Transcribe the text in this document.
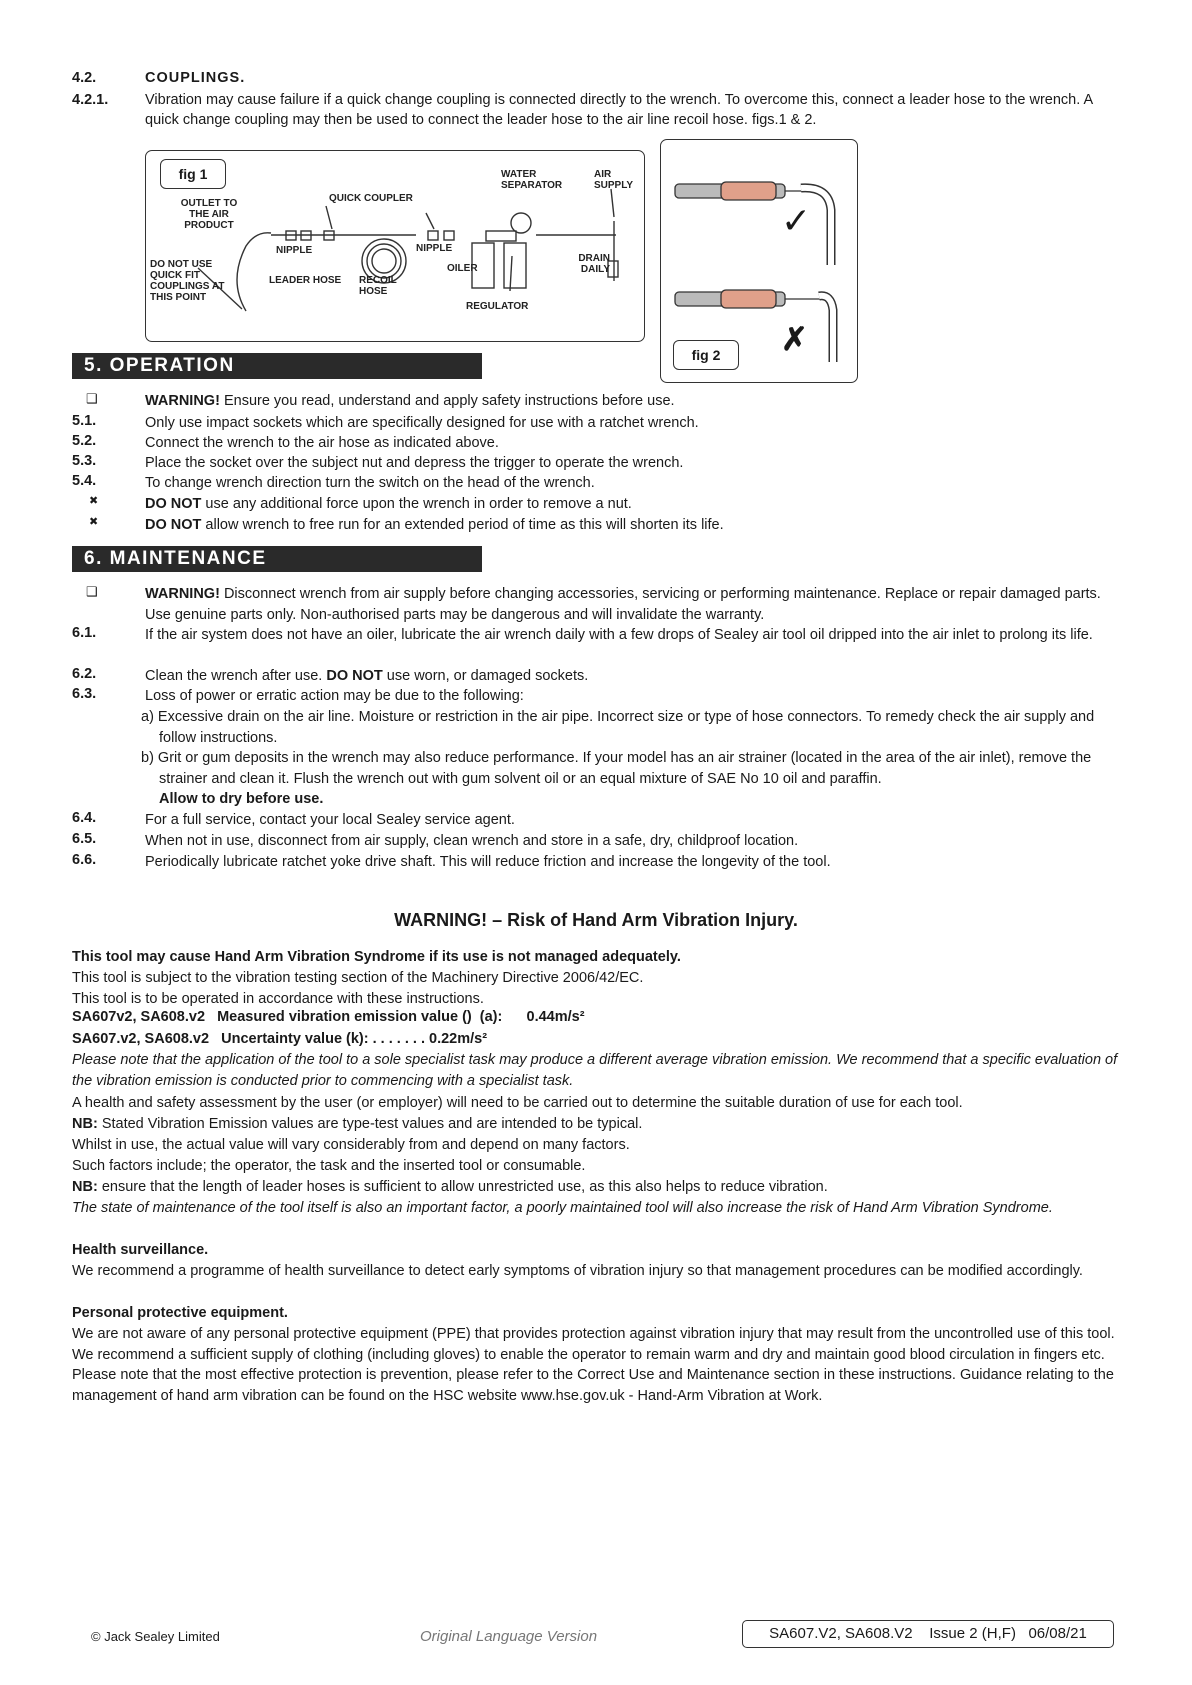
4.2.	COUPLINGS.
4.2.1.	Vibration may cause failure if a quick change coupling is connected directly to the wrench. To overcome this, connect a leader hose to the wrench. A quick change coupling may then be used to connect the leader hose to the air line recoil hose. figs.1 & 2.
fig 1
OUTLET TO THE AIR PRODUCT
DO NOT USE QUICK FIT COUPLINGS AT THIS POINT
QUICK COUPLER
NIPPLE	NIPPLE
LEADER HOSE RECOIL HOSE
WATER SEPARATOR
AIR SUPPLY
OILER
DRAIN DAILY
REGULATOR
✓
✗
fig 2
5. OPERATION
❑	WARNING! Ensure you read, understand and apply safety instructions before use.
5.1.	Only use impact sockets which are specifically designed for use with a ratchet wrench.
5.2.	Connect the wrench to the air hose as indicated above.
5.3.	Place the socket over the subject nut and depress the trigger to operate the wrench.
5.4.	To change wrench direction turn the switch on the head of the wrench.
✖	DO NOT use any additional force upon the wrench in order to remove a nut.
✖	DO NOT allow wrench to free run for an extended period of time as this will shorten its life.
6. MAINTENANCE
❑	WARNING! Disconnect wrench from air supply before changing accessories, servicing or performing maintenance. Replace or repair damaged parts. Use genuine parts only. Non-authorised parts may be dangerous and will invalidate the warranty.
6.1.	If the air system does not have an oiler, lubricate the air wrench daily with a few drops of Sealey air tool oil dripped into the air inlet to prolong its life.
6.2.	Clean the wrench after use. DO NOT use worn, or damaged sockets.
6.3.	Loss of power or erratic action may be due to the following:
a) Excessive drain on the air line. Moisture or restriction in the air pipe. Incorrect size or type of hose connectors. To remedy check the air supply and follow instructions.
b) Grit or gum deposits in the wrench may also reduce performance. If your model has an air strainer (located in the area of the air inlet), remove the strainer and clean it. Flush the wrench out with gum solvent oil or an equal mixture of SAE No 10 oil and paraffin.
Allow to dry before use.
6.4.	For a full service, contact your local Sealey service agent.
6.5.	When not in use, disconnect from air supply, clean wrench and store in a safe, dry, childproof location.
6.6.	Periodically lubricate ratchet yoke drive shaft. This will reduce friction and increase the longevity of the tool.
WARNING! – Risk of Hand Arm Vibration Injury.
This tool may cause Hand Arm Vibration Syndrome if its use is not managed adequately.
This tool is subject to the vibration testing section of the Machinery Directive 2006/42/EC.
This tool is to be operated in accordance with these instructions.
SA607v2, SA608.v2   Measured vibration emission value ()  (a):      0.44m/s²
SA607.v2, SA608.v2   Uncertainty value (k): . . . . . . . 0.22m/s²
Please note that the application of the tool to a sole specialist task may produce a different average vibration emission. We recommend that a specific evaluation of the vibration emission is conducted prior to commencing with a specialist task.
A health and safety assessment by the user (or employer) will need to be carried out to determine the suitable duration of use for each tool.
NB: Stated Vibration Emission values are type-test values and are intended to be typical.
Whilst in use, the actual value will vary considerably from and depend on many factors.
Such factors include; the operator, the task and the inserted tool or consumable.
NB: ensure that the length of leader hoses is sufficient to allow unrestricted use, as this also helps to reduce vibration.
The state of maintenance of the tool itself is also an important factor, a poorly maintained tool will also increase the risk of Hand Arm Vibration Syndrome.
Health surveillance.
We recommend a programme of health surveillance to detect early symptoms of vibration injury so that management procedures can be modified accordingly.
Personal protective equipment.
We are not aware of any personal protective equipment (PPE) that provides protection against vibration injury that may result from the uncontrolled use of this tool. We recommend a sufficient supply of clothing (including gloves) to enable the operator to remain warm and dry and maintain good blood circulation in fingers etc. Please note that the most effective protection is prevention, please refer to the Correct Use and Maintenance section in these instructions. Guidance relating to the management of hand arm vibration can be found on the HSC website www.hse.gov.uk - Hand-Arm Vibration at Work.
© Jack Sealey Limited	Original Language Version	SA607.V2, SA608.V2    Issue 2 (H,F)   06/08/21
